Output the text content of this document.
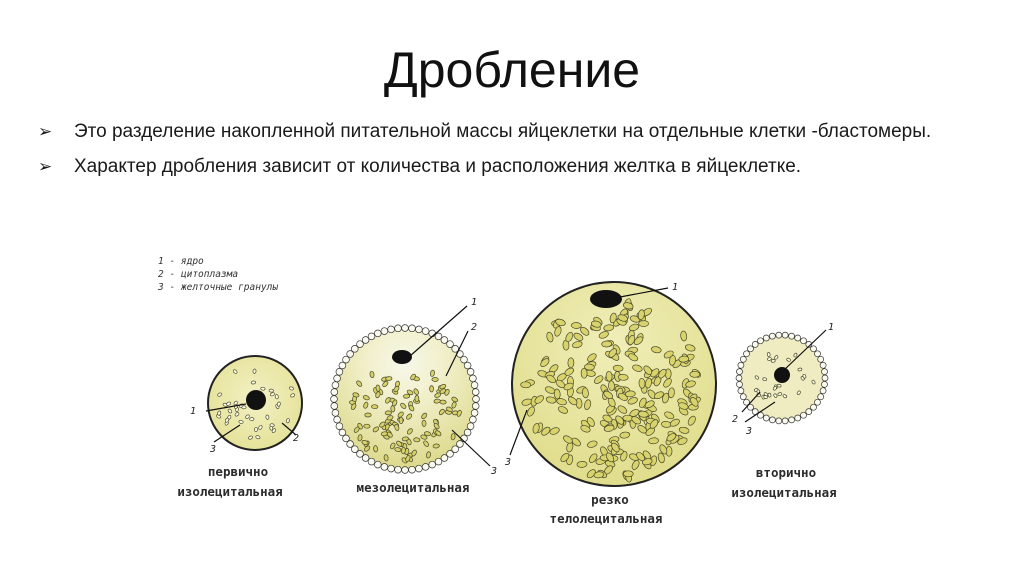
Дробление
➢ Это разделение накопленной питательной массы яйцеклетки на отдельные клетки -бластомеры.
➢ Характер дробления зависит от количества и расположения желтка в яйцеклетке.
1 - ядро
2 - цитоплазма
3 - желточные гранулы
1
2
3
первично
изолецитальная
1
2
3
мезолецитальная
1
3
резко
телолецитальная
1
2
3
вторично
изолецитальная
